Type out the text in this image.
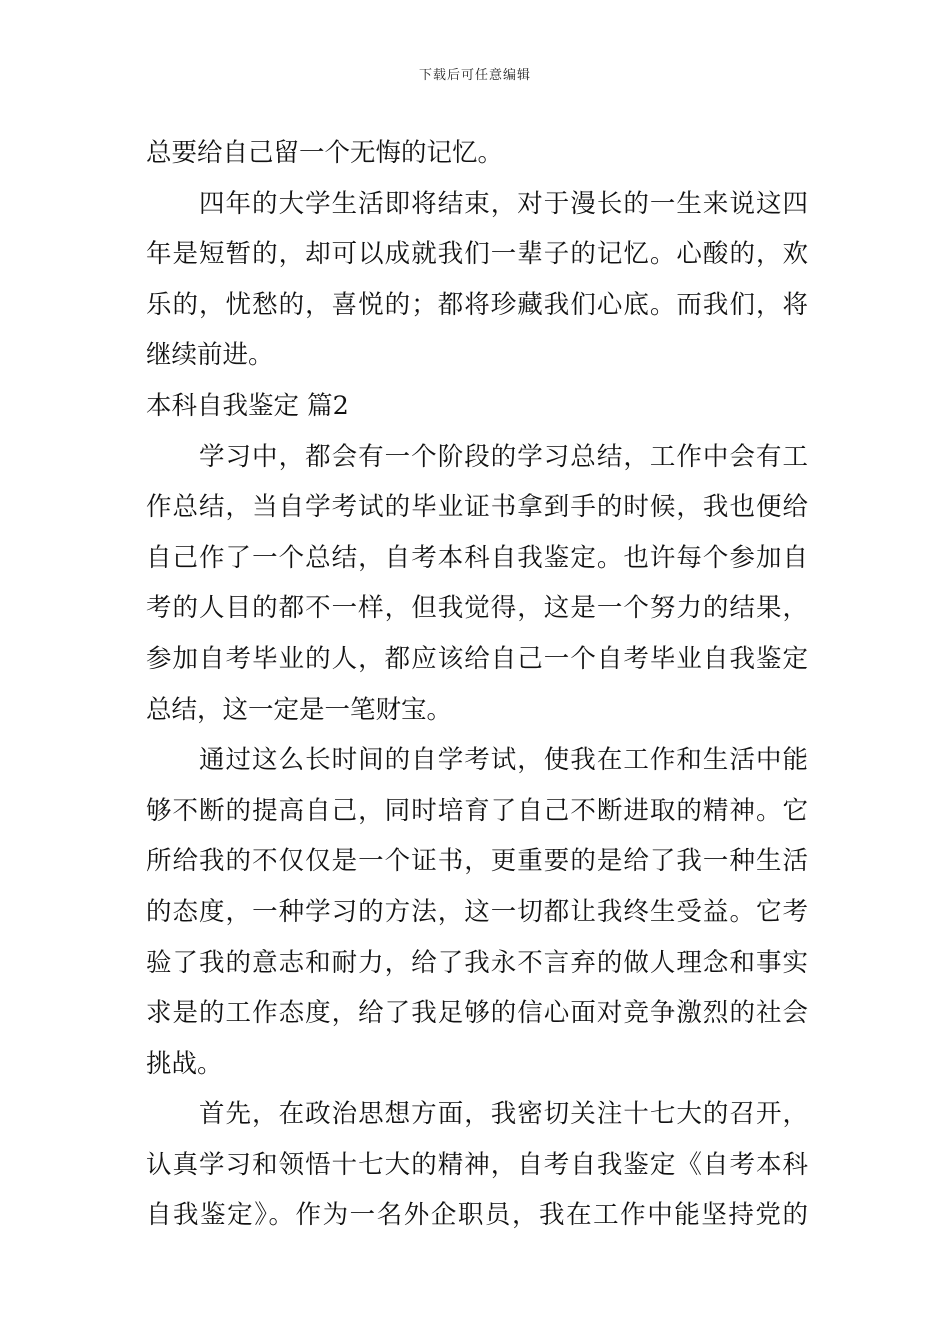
下载后可任意编辑
总要给自己留一个无悔的记忆。
四年的大学生活即将结束，对于漫长的一生来说这四
年是短暂的，却可以成就我们一辈子的记忆。心酸的，欢
乐的，忧愁的，喜悦的；都将珍藏我们心底。而我们，将
继续前进。
本科自我鉴定 篇2
学习中，都会有一个阶段的学习总结，工作中会有工
作总结，当自学考试的毕业证书拿到手的时候，我也便给
自己作了一个总结，自考本科自我鉴定。也许每个参加自
考的人目的都不一样，但我觉得，这是一个努力的结果，
参加自考毕业的人，都应该给自己一个自考毕业自我鉴定
总结，这一定是一笔财宝。
通过这么长时间的自学考试，使我在工作和生活中能
够不断的提高自己，同时培育了自己不断进取的精神。它
所给我的不仅仅是一个证书，更重要的是给了我一种生活
的态度，一种学习的方法，这一切都让我终生受益。它考
验了我的意志和耐力，给了我永不言弃的做人理念和事实
求是的工作态度，给了我足够的信心面对竞争激烈的社会
挑战。
首先，在政治思想方面，我密切关注十七大的召开，
认真学习和领悟十七大的精神，自考自我鉴定《自考本科
自我鉴定》。作为一名外企职员，我在工作中能坚持党的
